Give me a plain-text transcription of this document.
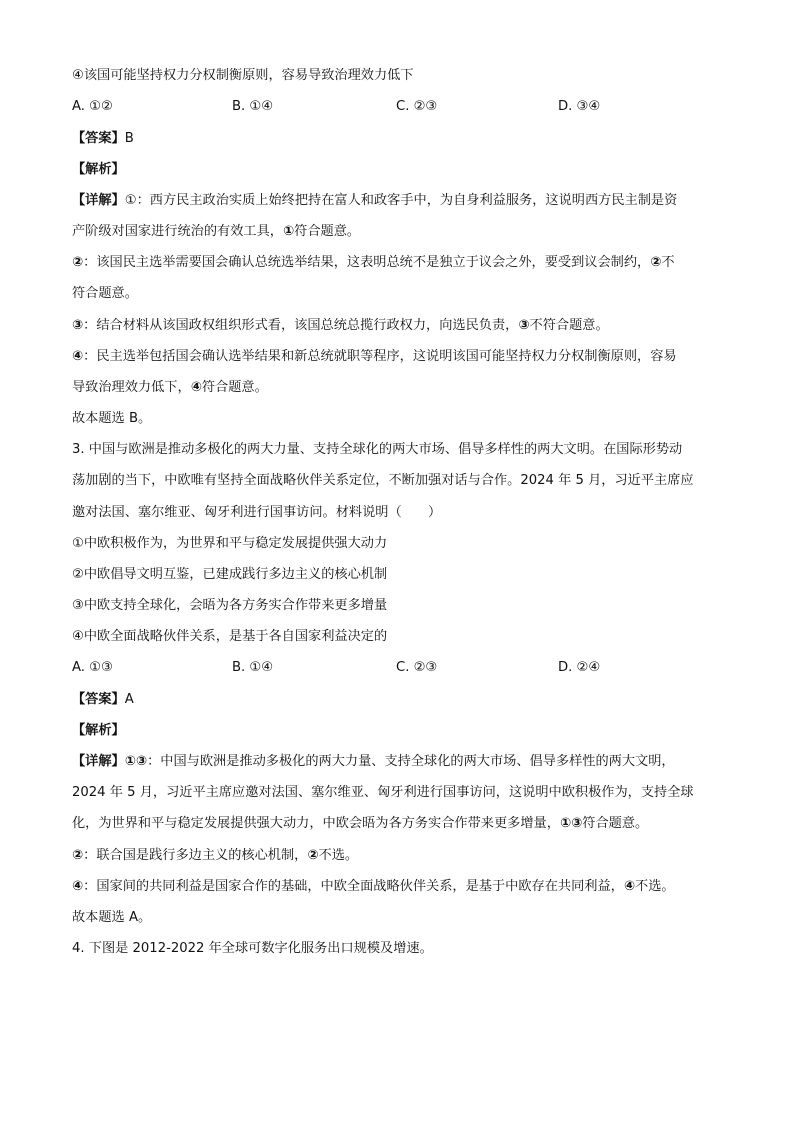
④该国可能坚持权力分权制衡原则，容易导致治理效力低下
A. ①②	B. ①④	C. ②③	D. ③④
【答案】B
【解析】
【详解】①：西方民主政治实质上始终把持在富人和政客手中，为自身利益服务，这说明西方民主制是资
产阶级对国家进行统治的有效工具，①符合题意。
②：该国民主选举需要国会确认总统选举结果，这表明总统不是独立于议会之外，要受到议会制约，②不
符合题意。
③：结合材料从该国政权组织形式看，该国总统总揽行政权力，向选民负责，③不符合题意。
④：民主选举包括国会确认选举结果和新总统就职等程序，这说明该国可能坚持权力分权制衡原则，容易
导致治理效力低下，④符合题意。
故本题选 B。
3. 中国与欧洲是推动多极化的两大力量、支持全球化的两大市场、倡导多样性的两大文明。在国际形势动
荡加剧的当下，中欧唯有坚持全面战略伙伴关系定位，不断加强对话与合作。2024 年 5 月，习近平主席应
邀对法国、塞尔维亚、匈牙利进行国事访问。材料说明（　　）
①中欧积极作为，为世界和平与稳定发展提供强大动力
②中欧倡导文明互鉴，已建成践行多边主义的核心机制
③中欧支持全球化，会晤为各方务实合作带来更多增量
④中欧全面战略伙伴关系，是基于各自国家利益决定的
A. ①③	B. ①④	C. ②③	D. ②④
【答案】A
【解析】
【详解】①③：中国与欧洲是推动多极化的两大力量、支持全球化的两大市场、倡导多样性的两大文明，
2024 年 5 月，习近平主席应邀对法国、塞尔维亚、匈牙利进行国事访问，这说明中欧积极作为，支持全球
化，为世界和平与稳定发展提供强大动力，中欧会晤为各方务实合作带来更多增量，①③符合题意。
②：联合国是践行多边主义的核心机制，②不选。
④：国家间的共同利益是国家合作的基础，中欧全面战略伙伴关系，是基于中欧存在共同利益，④不选。
故本题选 A。
4. 下图是 2012-2022 年全球可数字化服务出口规模及增速。
